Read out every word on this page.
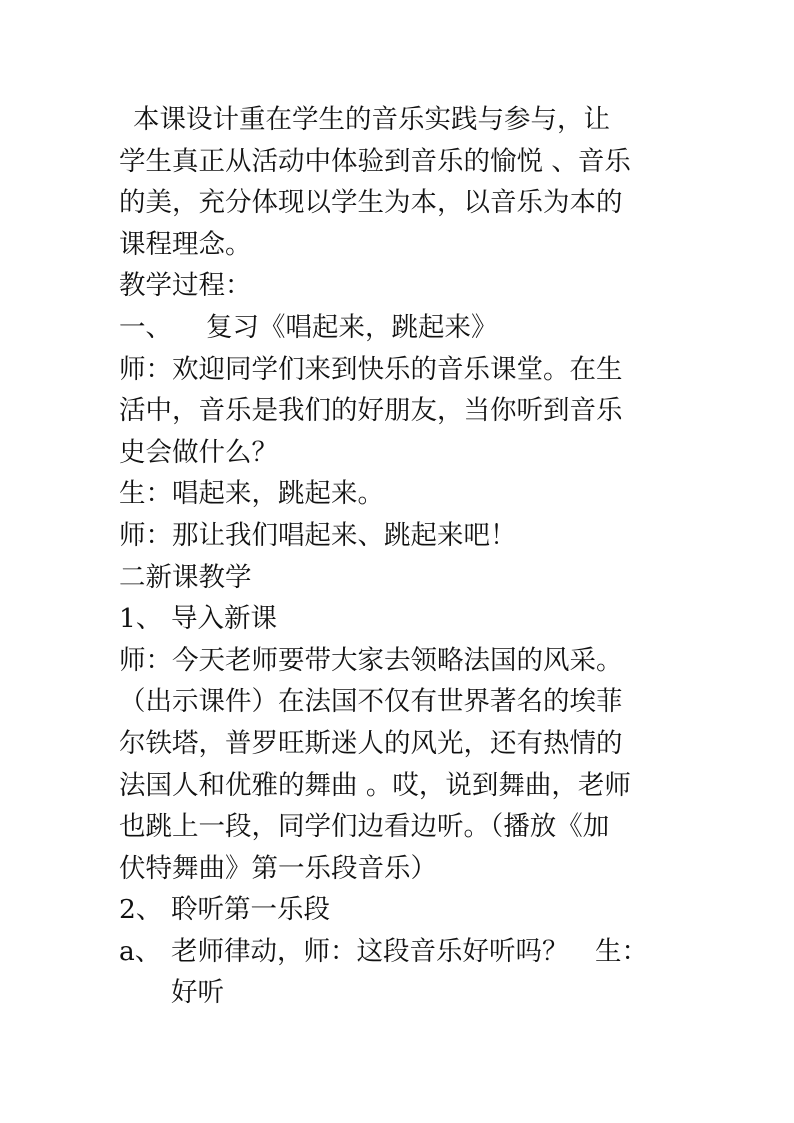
本课设计重在学生的音乐实践与参与，让
学生真正从活动中体验到音乐的愉悦 、音乐
的美，充分体现以学生为本，以音乐为本的
课程理念。
教学过程：
一、 复习《唱起来，跳起来》
师：欢迎同学们来到快乐的音乐课堂。在生
活中，音乐是我们的好朋友，当你听到音乐
史会做什么？
生：唱起来，跳起来。
师：那让我们唱起来、跳起来吧！
二新课教学
1、 导入新课
师：今天老师要带大家去领略法国的风采。
（出示课件）在法国不仅有世界著名的埃菲
尔铁塔，普罗旺斯迷人的风光，还有热情的
法国人和优雅的舞曲 。哎，说到舞曲，老师
也跳上一段，同学们边看边听。（播放《加
伏特舞曲》第一乐段音乐）
2、 聆听第一乐段
a、 老师律动，师：这段音乐好听吗？　生：
好听
